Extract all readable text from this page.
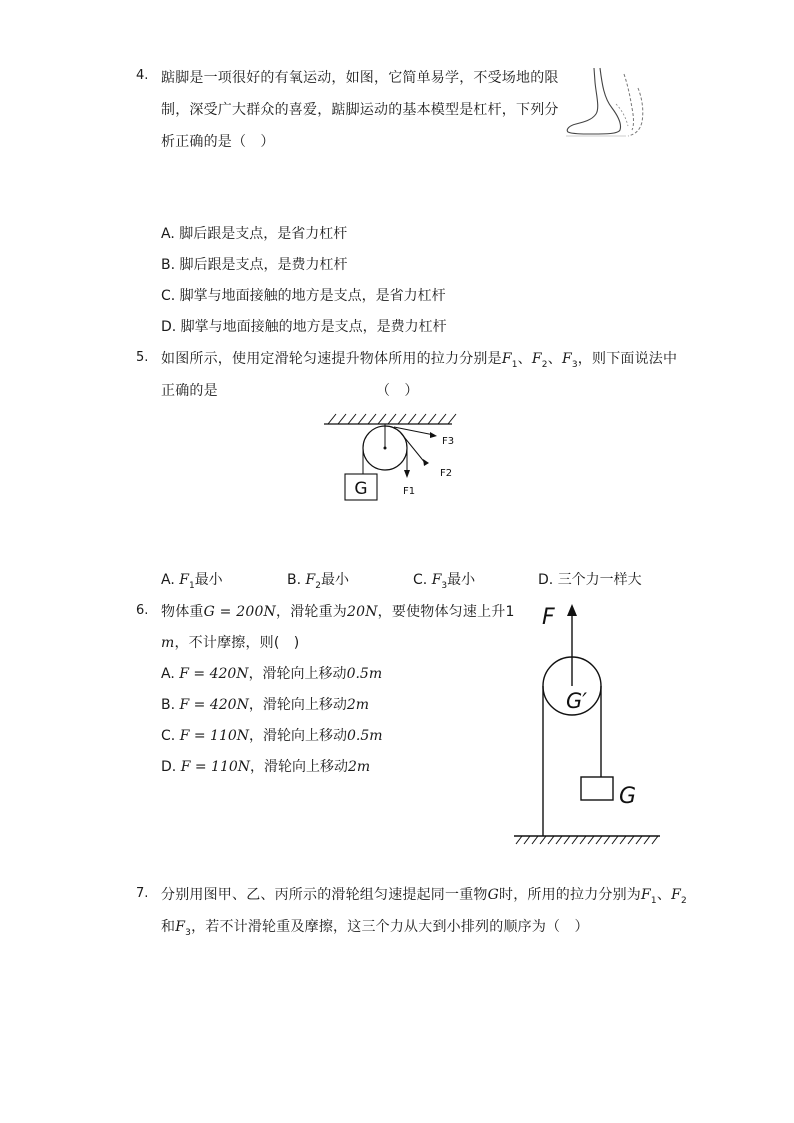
4. 踮脚是一项很好的有氧运动，如图，它简单易学，不受场地的限
制，深受广大群众的喜爱，踮脚运动的基本模型是杠杆，下列分
析正确的是（　）
A. 脚后跟是支点，是省力杠杆
B. 脚后跟是支点，是费力杠杆
C. 脚掌与地面接触的地方是支点，是省力杠杆
D. 脚掌与地面接触的地方是支点，是费力杠杆
5. 如图所示，使用定滑轮匀速提升物体所用的拉力分别是$F_1$、$F_2$、$F_3$，则下面说法中
正确的是	（　）
G	F1
F2
F3
A. $F_1$最小	B. $F_2$最小	C. $F_3$最小	D. 三个力一样大
6. 物体重G = 200N，滑轮重为20N，要使物体匀速上升1
m，不计摩擦，则(　)
A. F = 420N，滑轮向上移动0.5m
B. F = 420N，滑轮向上移动2m
C. F = 110N，滑轮向上移动0.5m
D. F = 110N，滑轮向上移动2m
F
G′
G
7. 分别用图甲、乙、丙所示的滑轮组匀速提起同一重物G时，所用的拉力分别为$F_1$、$F_2$
和$F_3$，若不计滑轮重及摩擦，这三个力从大到小排列的顺序为（　）
